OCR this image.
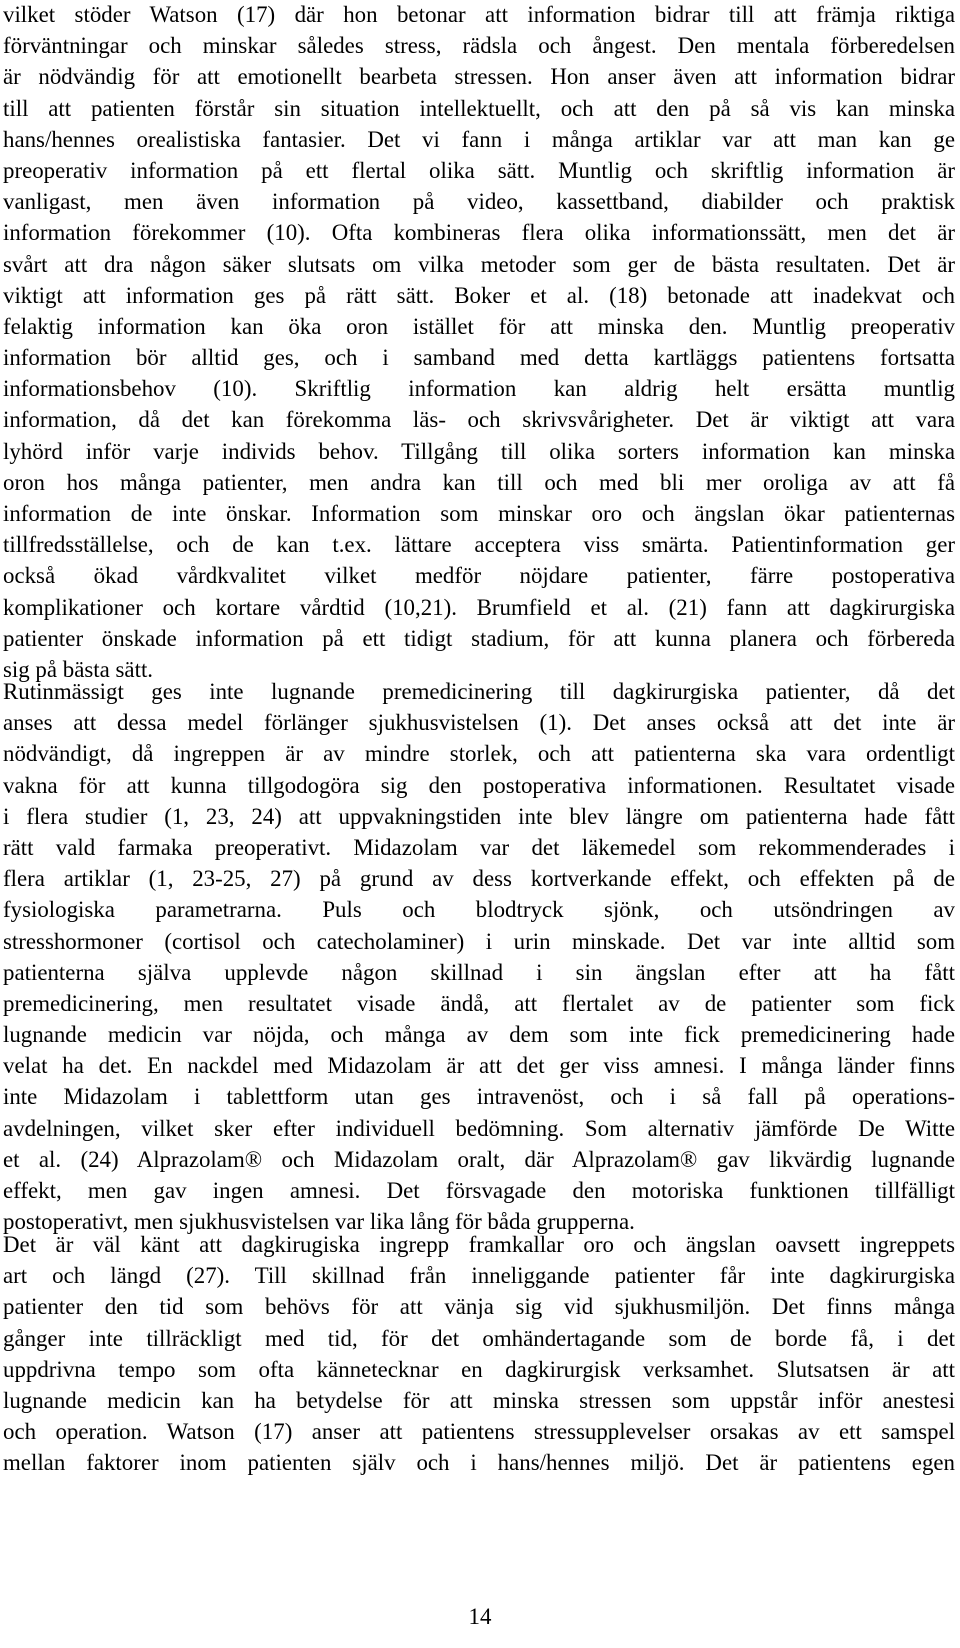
vilket stöder Watson (17) där hon betonar att information bidrar till att främja riktiga
förväntningar och minskar således stress, rädsla och ångest. Den mentala förberedelsen
är nödvändig för att emotionellt bearbeta stressen. Hon anser även att information bidrar
till att patienten förstår sin situation intellektuellt, och att den på så vis kan minska
hans/hennes orealistiska fantasier. Det vi fann i många artiklar var att man kan ge
preoperativ information på ett flertal olika sätt. Muntlig och skriftlig information är
vanligast, men även information på video, kassettband, diabilder och praktisk
information förekommer (10). Ofta kombineras flera olika informationssätt, men det är
svårt att dra någon säker slutsats om vilka metoder som ger de bästa resultaten. Det är
viktigt att information ges på rätt sätt. Boker et al. (18) betonade att inadekvat och
felaktig information kan öka oron istället för att minska den. Muntlig preoperativ
information bör alltid ges, och i samband med detta kartläggs patientens fortsatta
informationsbehov (10). Skriftlig information kan aldrig helt ersätta muntlig
information, då det kan förekomma läs- och skrivsvårigheter. Det är viktigt att vara
lyhörd inför varje individs behov. Tillgång till olika sorters information kan minska
oron hos många patienter, men andra kan till och med bli mer oroliga av att få
information de inte önskar. Information som minskar oro och ängslan ökar patienternas
tillfredsställelse, och de kan t.ex. lättare acceptera viss smärta. Patientinformation ger
också ökad vårdkvalitet vilket medför nöjdare patienter, färre postoperativa
komplikationer och kortare vårdtid (10,21). Brumfield et al. (21) fann att dagkirurgiska
patienter önskade information på ett tidigt stadium, för att kunna planera och förbereda
sig på bästa sätt.
Rutinmässigt ges inte lugnande premedicinering till dagkirurgiska patienter, då det
anses att dessa medel förlänger sjukhusvistelsen (1). Det anses också att det inte är
nödvändigt, då ingreppen är av mindre storlek, och att patienterna ska vara ordentligt
vakna för att kunna tillgodogöra sig den postoperativa informationen. Resultatet visade
i flera studier (1, 23, 24) att uppvakningstiden inte blev längre om patienterna hade fått
rätt vald farmaka preoperativt. Midazolam var det läkemedel som rekommenderades i
flera artiklar (1, 23-25, 27) på grund av dess kortverkande effekt, och effekten på de
fysiologiska parametrarna. Puls och blodtryck sjönk, och utsöndringen av
stresshormoner (cortisol och catecholaminer) i urin minskade. Det var inte alltid som
patienterna själva upplevde någon skillnad i sin ängslan efter att ha fått
premedicinering, men resultatet visade ändå, att flertalet av de patienter som fick
lugnande medicin var nöjda, och många av dem som inte fick premedicinering hade
velat ha det. En nackdel med Midazolam är att det ger viss amnesi. I många länder finns
inte Midazolam i tablettform utan ges intravenöst, och i så fall på operations-
avdelningen, vilket sker efter individuell bedömning. Som alternativ jämförde De Witte
et al. (24) Alprazolam® och Midazolam oralt, där Alprazolam® gav likvärdig lugnande
effekt, men gav ingen amnesi. Det försvagade den motoriska funktionen tillfälligt
postoperativt, men sjukhusvistelsen var lika lång för båda grupperna.
Det är väl känt att dagkirugiska ingrepp framkallar oro och ängslan oavsett ingreppets
art och längd (27). Till skillnad från inneliggande patienter får inte dagkirurgiska
patienter den tid som behövs för att vänja sig vid sjukhusmiljön. Det finns många
gånger inte tillräckligt med tid, för det omhändertagande som de borde få, i det
uppdrivna tempo som ofta kännetecknar en dagkirurgisk verksamhet. Slutsatsen är att
lugnande medicin kan ha betydelse för att minska stressen som uppstår inför anestesi
och operation. Watson (17) anser att patientens stressupplevelser orsakas av ett samspel
mellan faktorer inom patienten själv och i hans/hennes miljö. Det är patientens egen
14
